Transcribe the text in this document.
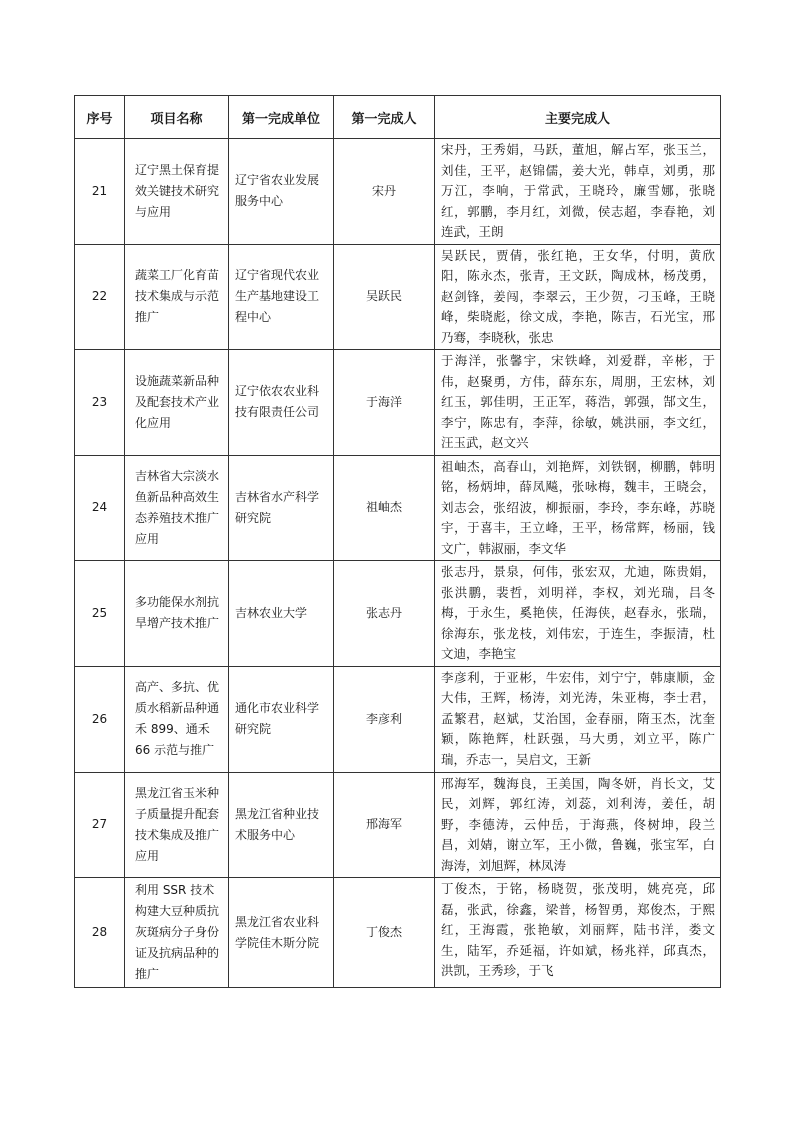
序号	项目名称	第一完成单位	第一完成人	主要完成人
21	辽宁黑土保育提效关键技术研究与应用	辽宁省农业发展服务中心	宋丹	宋丹，王秀娟，马跃，董旭，解占军，张玉兰，刘佳，王平，赵锦儒，姜大光，韩卓，刘勇，那万江，李响，于常武，王晓玲，廉雪娜，张晓红，郭鹏，李月红，刘微，侯志超，李春艳，刘连武，王朗
22	蔬菜工厂化育苗技术集成与示范推广	辽宁省现代农业生产基地建设工程中心	吴跃民	吴跃民，贾倩，张红艳，王女华，付明，黄欣阳，陈永杰，张青，王文跃，陶成林，杨茂勇，赵剑锋，姜闯，李翠云，王少贺，刁玉峰，王晓峰，柴晓彪，徐文成，李艳，陈吉，石光宝，邢乃骞，李晓秋，张忠
23	设施蔬菜新品种及配套技术产业化应用	辽宁依农农业科技有限责任公司	于海洋	于海洋，张馨宇，宋铁峰，刘爱群，辛彬，于伟，赵聚勇，方伟，薛东东，周朋，王宏林，刘红玉，郭佳明，王正军，蒋浩，郭强，郜文生，李宁，陈忠有，李萍，徐敏，姚洪丽，李文红，汪玉武，赵文兴
24	吉林省大宗淡水鱼新品种高效生态养殖技术推广应用	吉林省水产科学研究院	祖岫杰	祖岫杰，高春山，刘艳辉，刘铁钢，柳鹏，韩明铭，杨炳坤，薛凤飚，张咏梅，魏丰，王晓会，刘志会，张绍波，柳振丽，李玲，李东峰，苏晓宇，于喜丰，王立峰，王平，杨常辉，杨丽，钱文广，韩淑丽，李文华
25	多功能保水剂抗旱增产技术推广	吉林农业大学	张志丹	张志丹，景泉，何伟，张宏双，尤迪，陈贵娟，张洪鹏，裴哲，刘明祥，李权，刘光瑞，吕冬梅，于永生，奚艳侠，任海侠，赵春永，张瑞，徐海东，张龙枝，刘伟宏，于连生，李振清，杜文迪，李艳宝
26	高产、多抗、优质水稻新品种通禾 899、通禾 66 示范与推广	通化市农业科学研究院	李彦利	李彦利，于亚彬，牛宏伟，刘宁宁，韩康顺，金大伟，王辉，杨涛，刘光涛，朱亚梅，李士君，孟繁君，赵斌，艾治国，金春丽，隋玉杰，沈奎颖，陈艳辉，杜跃强，马大勇，刘立平，陈广瑞，乔志一，吴启文，王新
27	黑龙江省玉米种子质量提升配套技术集成及推广应用	黑龙江省种业技术服务中心	邢海军	邢海军，魏海良，王美国，陶冬妍，肖长文，艾民，刘辉，郭红涛，刘蕊，刘利涛，姜任，胡野，李德涛，云仲岳，于海燕，佟树坤，段兰昌，刘婧，谢立军，王小微，鲁巍，张宝军，白海涛，刘旭辉，林凤涛
28	利用 SSR 技术构建大豆种质抗灰斑病分子身份证及抗病品种的推广	黑龙江省农业科学院佳木斯分院	丁俊杰	丁俊杰，于铭，杨晓贺，张茂明，姚亮亮，邱磊，张武，徐鑫，梁普，杨智勇，郑俊杰，于熙红，王海霞，张艳敏，刘丽辉，陆书洋，娄文生，陆军，乔延福，许如斌，杨兆祥，邱真杰，洪凯，王秀珍，于飞
